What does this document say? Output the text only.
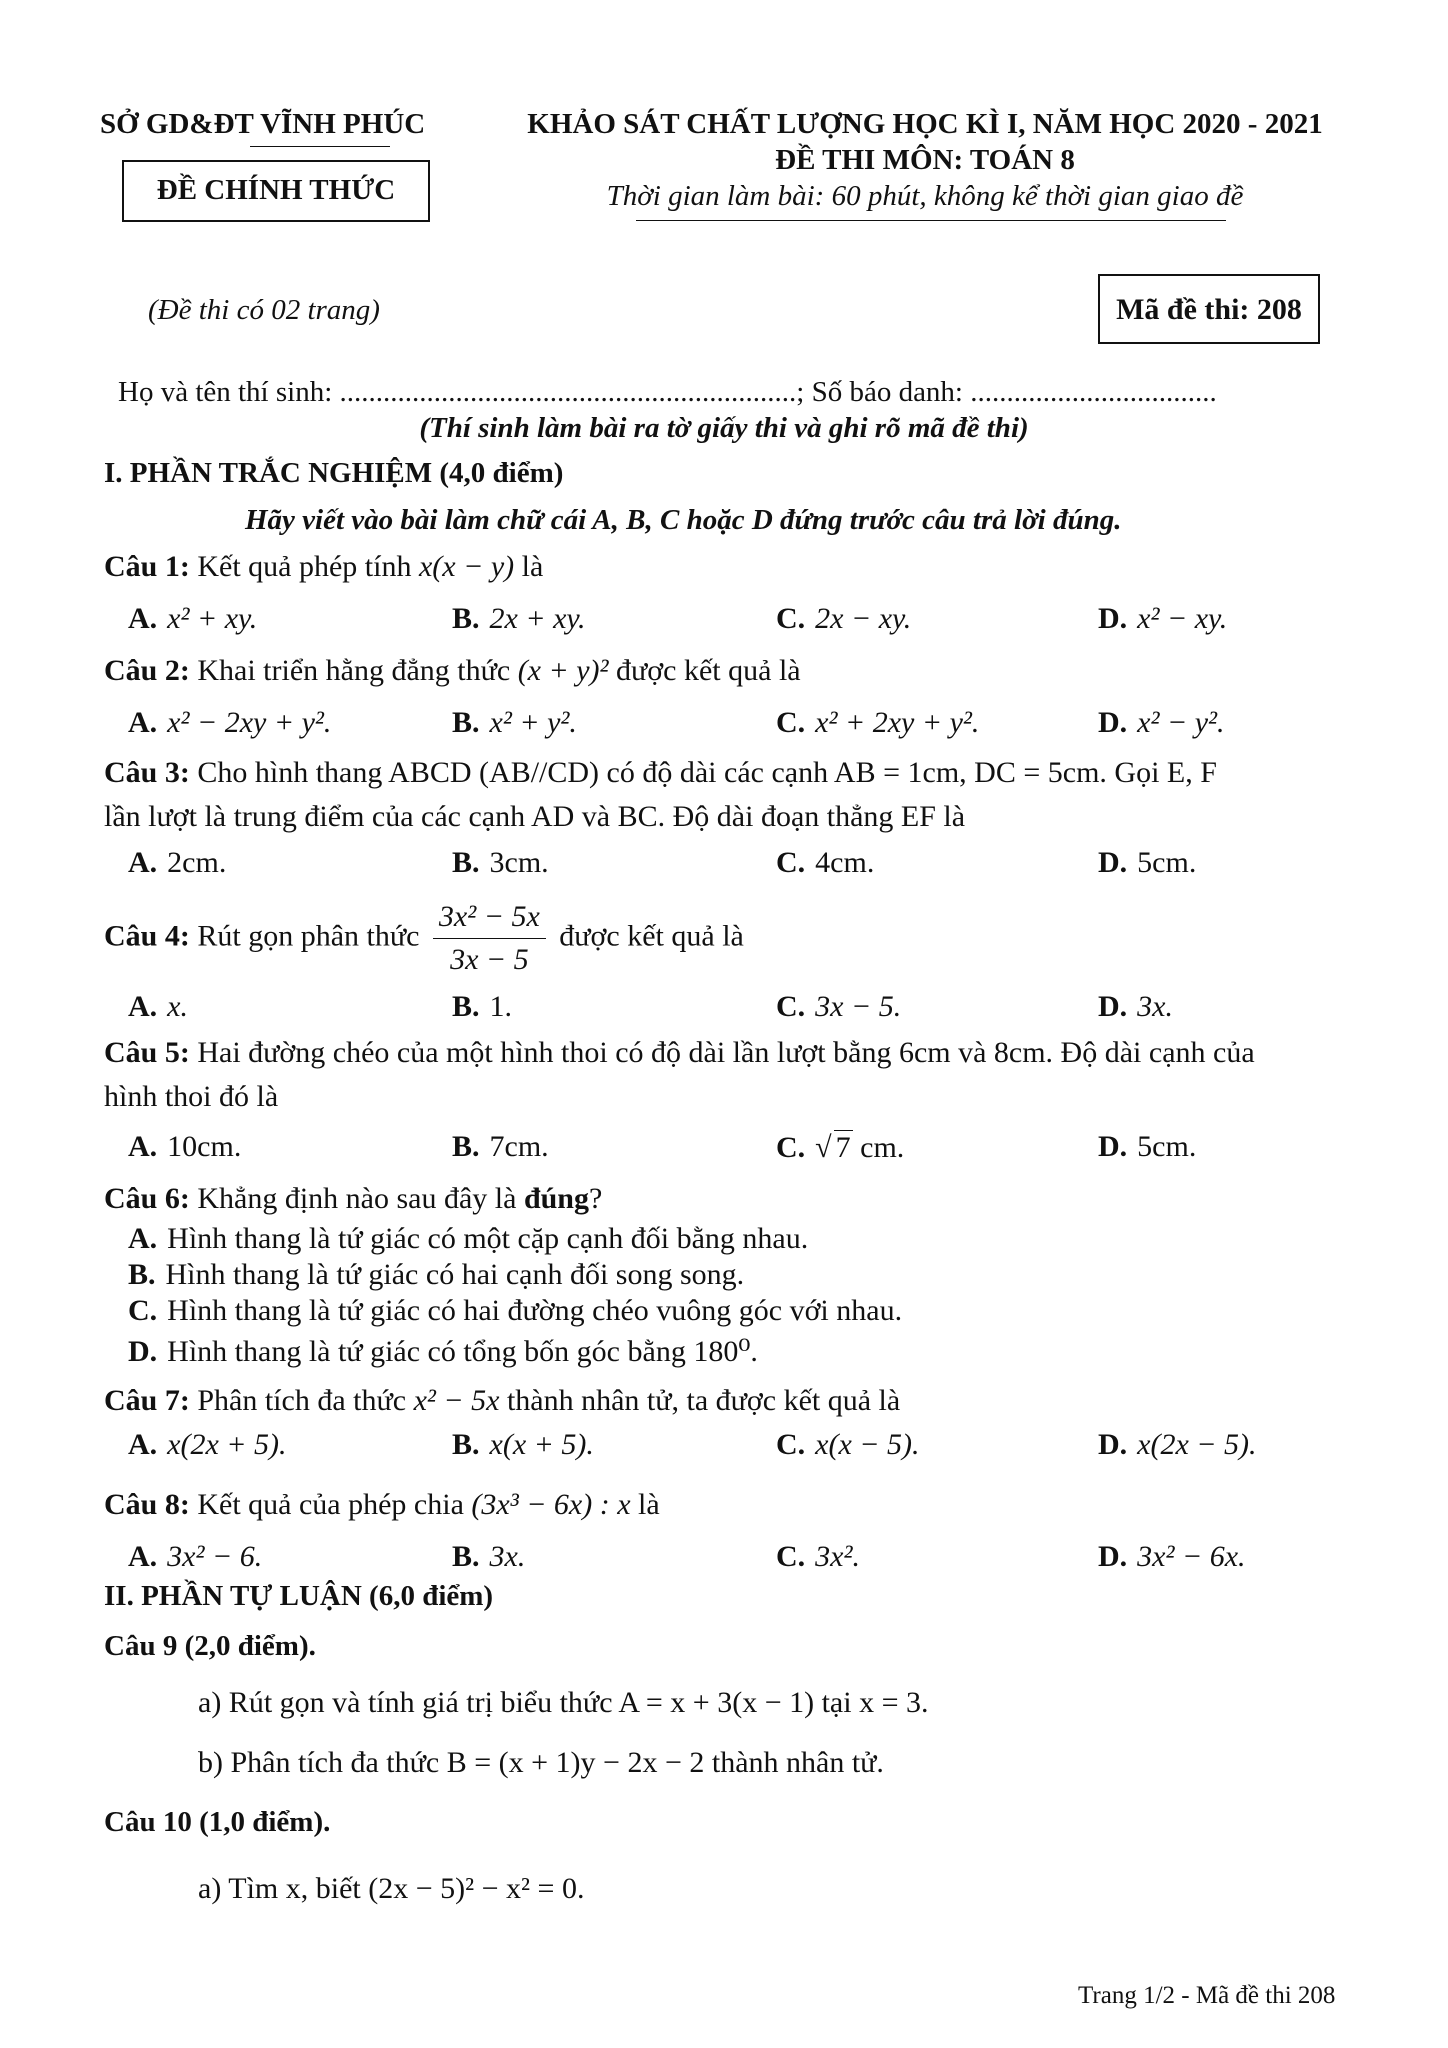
SỞ GD&ĐT VĨNH PHÚC
ĐỀ CHÍNH THỨC
KHẢO SÁT CHẤT LƯỢNG HỌC KÌ I, NĂM HỌC 2020 - 2021
ĐỀ THI MÔN: TOÁN 8
Thời gian làm bài: 60 phút, không kể thời gian giao đề
(Đề thi có 02 trang)	Mã đề thi: 208
Họ và tên thí sinh: ...............................................................; Số báo danh: ..................................
(Thí sinh làm bài ra tờ giấy thi và ghi rõ mã đề thi)
I. PHẦN TRẮC NGHIỆM (4,0 điểm)
Hãy viết vào bài làm chữ cái A, B, C hoặc D đứng trước câu trả lời đúng.
Câu 1: Kết quả phép tính x(x − y) là
A. x² + xy.	B. 2x + xy.	C. 2x − xy.	D. x² − xy.
Câu 2: Khai triển hằng đẳng thức (x + y)² được kết quả là
A. x² − 2xy + y².	B. x² + y².	C. x² + 2xy + y².	D. x² − y².
Câu 3: Cho hình thang ABCD (AB//CD) có độ dài các cạnh AB = 1cm, DC = 5cm. Gọi E, F
lần lượt là trung điểm của các cạnh AD và BC. Độ dài đoạn thẳng EF là
A. 2cm.	B. 3cm.	C. 4cm.	D. 5cm.
Câu 4: Rút gọn phân thức $\frac{\text{3x² − 5x}}{3x - 5}$ được kết quả là
A. x.	B. 1.	C. 3x − 5.	D. 3x.
Câu 5: Hai đường chéo của một hình thoi có độ dài lần lượt bằng 6cm và 8cm. Độ dài cạnh của
hình thoi đó là
A. 10cm.	B. 7cm.	C. √ 7 cm.	D. 5cm.
Câu 6: Khẳng định nào sau đây là đúng?
A. Hình thang là tứ giác có một cặp cạnh đối bằng nhau.
B. Hình thang là tứ giác có hai cạnh đối song song.
C. Hình thang là tứ giác có hai đường chéo vuông góc với nhau.
D. Hình thang là tứ giác có tổng bốn góc bằng 180⁰.
Câu 7: Phân tích đa thức x² − 5x thành nhân tử, ta được kết quả là
A. x(2x + 5).	B. x(x + 5).	C. x(x − 5).	D. x(2x − 5).
Câu 8: Kết quả của phép chia (3x³ − 6x) : x là
A. 3x² − 6.	B. 3x.	C. 3x².	D. 3x² − 6x.
II. PHẦN TỰ LUẬN (6,0 điểm)
Câu 9 (2,0 điểm).
a) Rút gọn và tính giá trị biểu thức A = x + 3(x − 1) tại x = 3.
b) Phân tích đa thức B = (x + 1)y − 2x − 2 thành nhân tử.
Câu 10 (1,0 điểm).
a) Tìm x, biết (2x − 5)² − x² = 0.
Trang 1/2 - Mã đề thi 208
